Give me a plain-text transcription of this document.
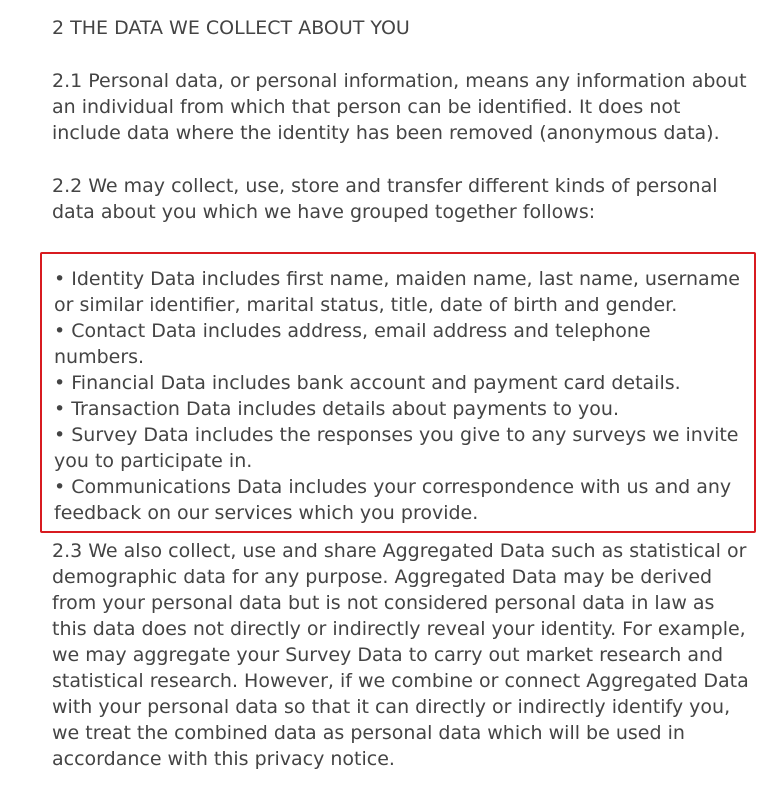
2 THE DATA WE COLLECT ABOUT YOU

2.1 Personal data, or personal information, means any information about an individual from which that person can be identified. It does not include data where the identity has been removed (anonymous data).

2.2 We may collect, use, store and transfer different kinds of personal data about you which we have grouped together follows:

• Identity Data includes first name, maiden name, last name, username or similar identifier, marital status, title, date of birth and gender.
• Contact Data includes address, email address and telephone numbers.
• Financial Data includes bank account and payment card details.
• Transaction Data includes details about payments to you.
• Survey Data includes the responses you give to any surveys we invite you to participate in.
• Communications Data includes your correspondence with us and any feedback on our services which you provide.

2.3 We also collect, use and share Aggregated Data such as statistical or demographic data for any purpose. Aggregated Data may be derived from your personal data but is not considered personal data in law as this data does not directly or indirectly reveal your identity. For example, we may aggregate your Survey Data to carry out market research and statistical research. However, if we combine or connect Aggregated Data with your personal data so that it can directly or indirectly identify you, we treat the combined data as personal data which will be used in accordance with this privacy notice.
